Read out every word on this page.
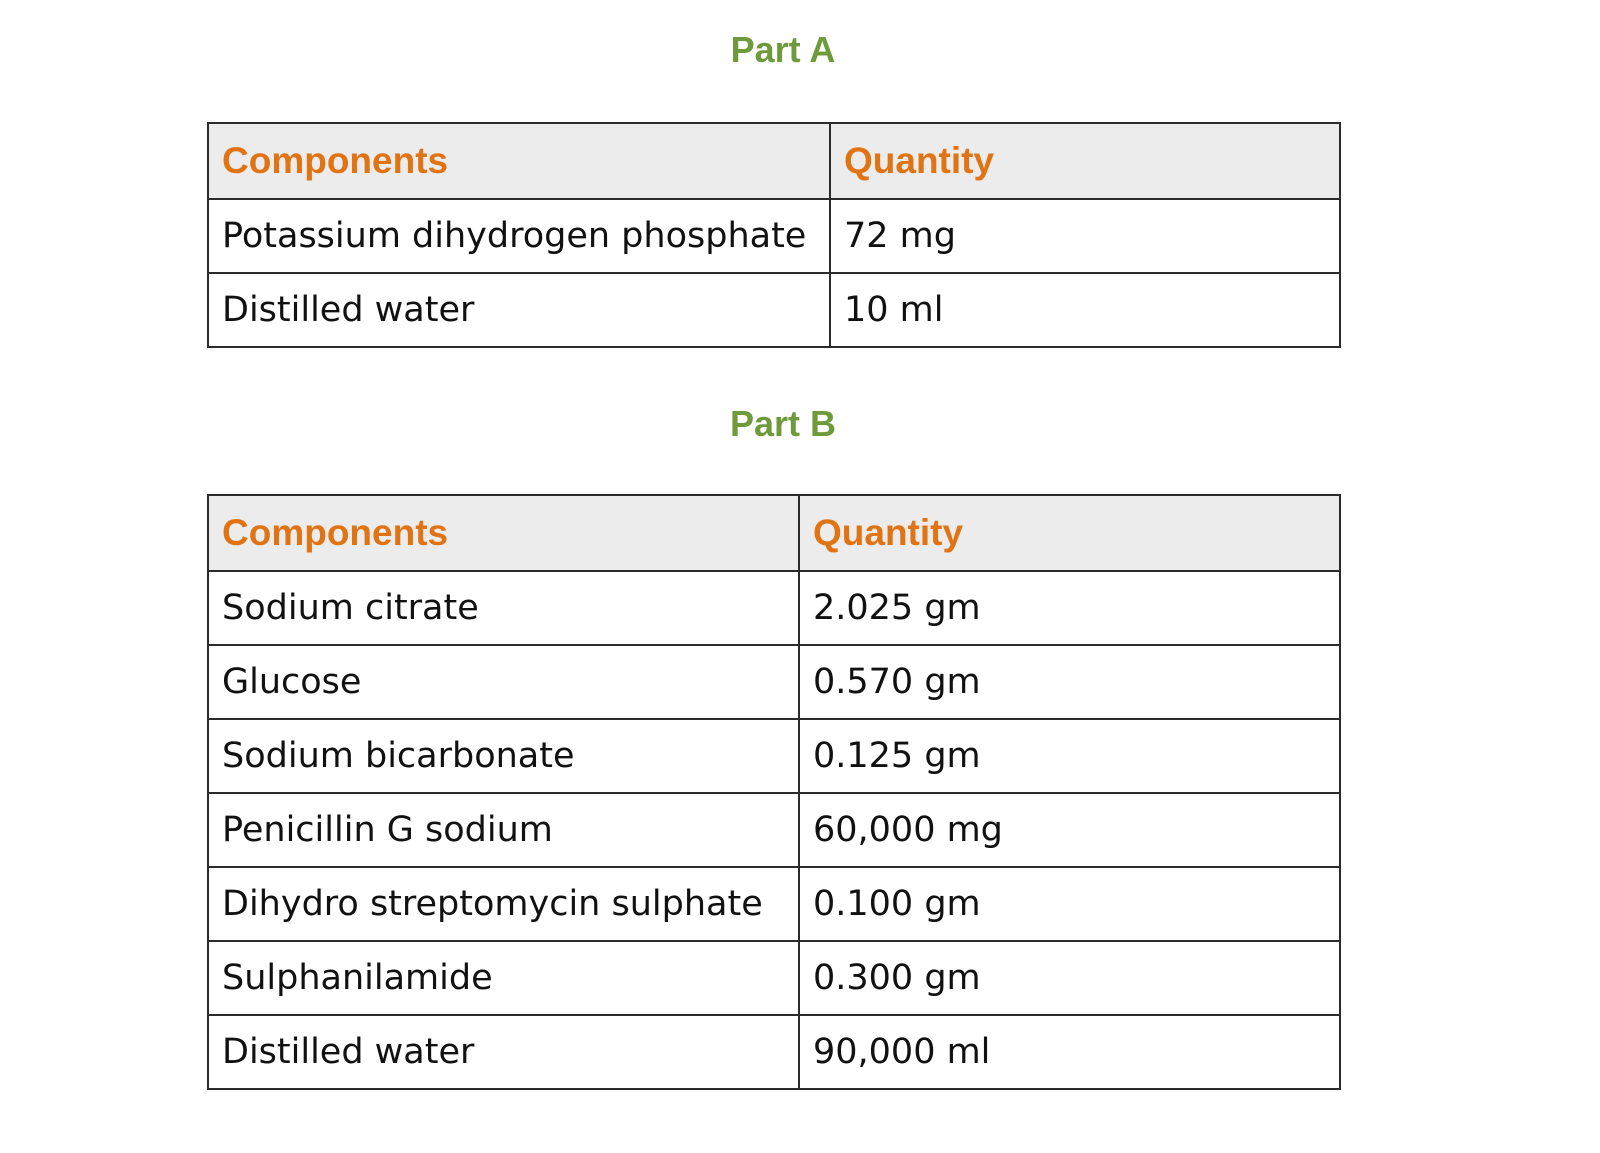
Part A
Components	Quantity
Potassium dihydrogen phosphate	72 mg
Distilled water	10 ml
Part B
Components	Quantity
Sodium citrate	2.025 gm
Glucose	0.570 gm
Sodium bicarbonate	0.125 gm
Penicillin G sodium	60,000 mg
Dihydro streptomycin sulphate	0.100 gm
Sulphanilamide	0.300 gm
Distilled water	90,000 ml
